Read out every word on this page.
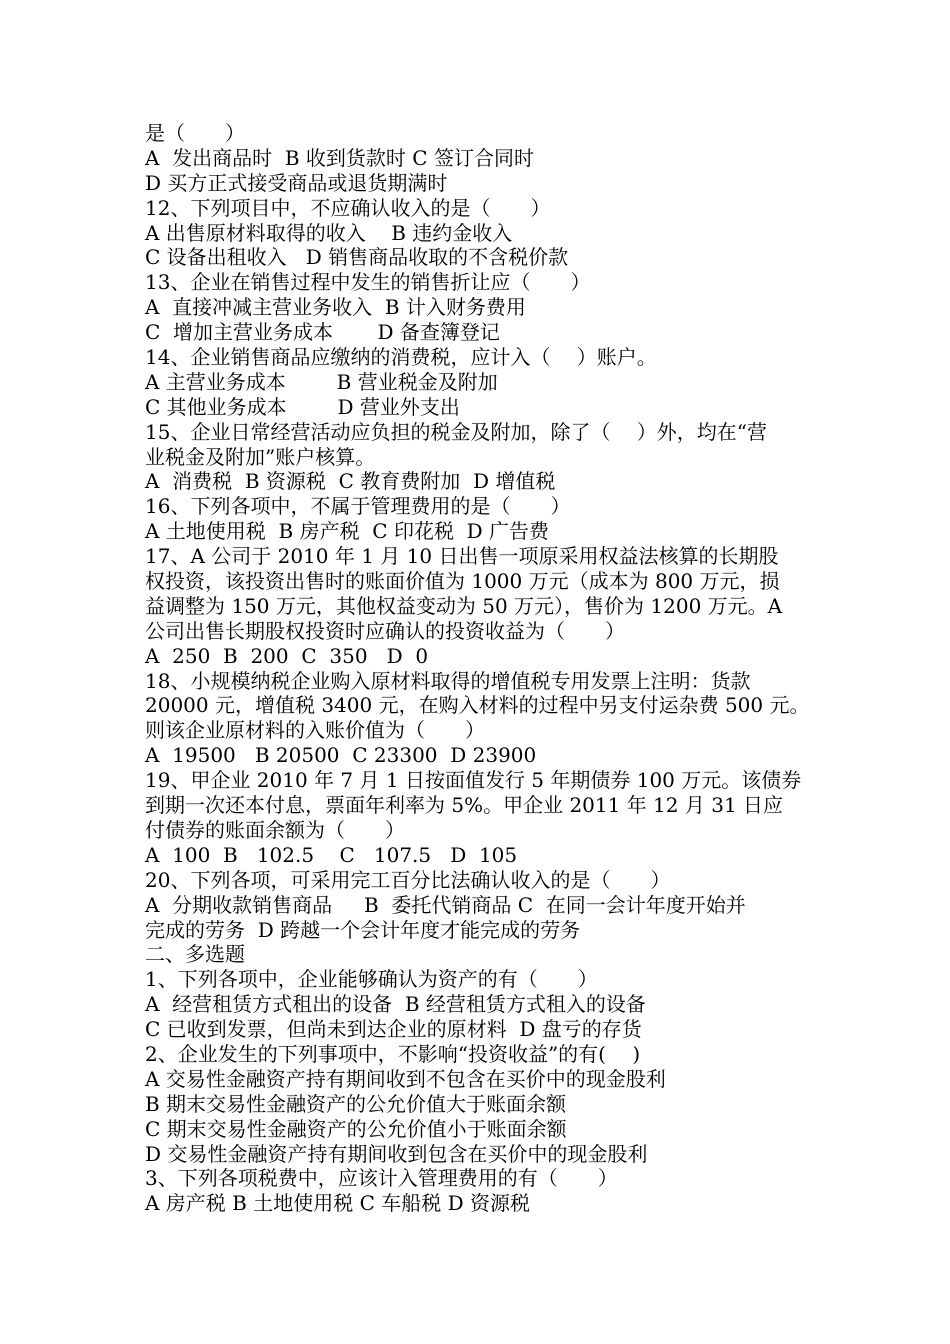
是（　　）
A  发出商品时  B 收到货款时 C 签订合同时
D 买方正式接受商品或退货期满时
12、下列项目中，不应确认收入的是（　　）
A 出售原材料取得的收入    B 违约金收入
C 设备出租收入   D 销售商品收取的不含税价款
13、企业在销售过程中发生的销售折让应（　　）
A  直接冲减主营业务收入  B 计入财务费用
C  增加主营业务成本       D 备查簿登记
14、企业销售商品应缴纳的消费税，应计入（　 ）账户。
A 主营业务成本        B 营业税金及附加
C 其他业务成本        D 营业外支出
15、企业日常经营活动应负担的税金及附加，除了（　 ）外，均在“营
业税金及附加”账户核算。
A  消费税  B 资源税  C 教育费附加  D 增值税
16、下列各项中，不属于管理费用的是（　　）
A 土地使用税  B 房产税  C 印花税  D 广告费
17、A 公司于 2010 年 1 月 10 日出售一项原采用权益法核算的长期股
权投资，该投资出售时的账面价值为 1000 万元（成本为 800 万元，损
益调整为 150 万元，其他权益变动为 50 万元），售价为 1200 万元。A
公司出售长期股权投资时应确认的投资收益为（　　）
A  250  B  200  C  350   D  0
18、小规模纳税企业购入原材料取得的增值税专用发票上注明：货款
20000 元，增值税 3400 元，在购入材料的过程中另支付运杂费 500 元。
则该企业原材料的入账价值为（　　）
A  19500   B 20500  C 23300  D 23900
19、甲企业 2010 年 7 月 1 日按面值发行 5 年期债券 100 万元。该债券
到期一次还本付息，票面年利率为 5%。甲企业 2011 年 12 月 31 日应
付债券的账面余额为（　　）
A  100  B   102.5    C   107.5   D  105
20、下列各项，可采用完工百分比法确认收入的是（　　）
A  分期收款销售商品     B  委托代销商品 C  在同一会计年度开始并
完成的劳务  D 跨越一个会计年度才能完成的劳务
二、多选题
1、下列各项中，企业能够确认为资产的有（　　）
A  经营租赁方式租出的设备  B 经营租赁方式租入的设备
C 已收到发票，但尚未到达企业的原材料  D 盘亏的存货
2、企业发生的下列事项中，不影响“投资收益”的有(　 )
A 交易性金融资产持有期间收到不包含在买价中的现金股利
B 期末交易性金融资产的公允价值大于账面余额
C 期末交易性金融资产的公允价值小于账面余额
D 交易性金融资产持有期间收到包含在买价中的现金股利
3、下列各项税费中，应该计入管理费用的有（　　）
A 房产税 B 土地使用税 C 车船税 D 资源税
